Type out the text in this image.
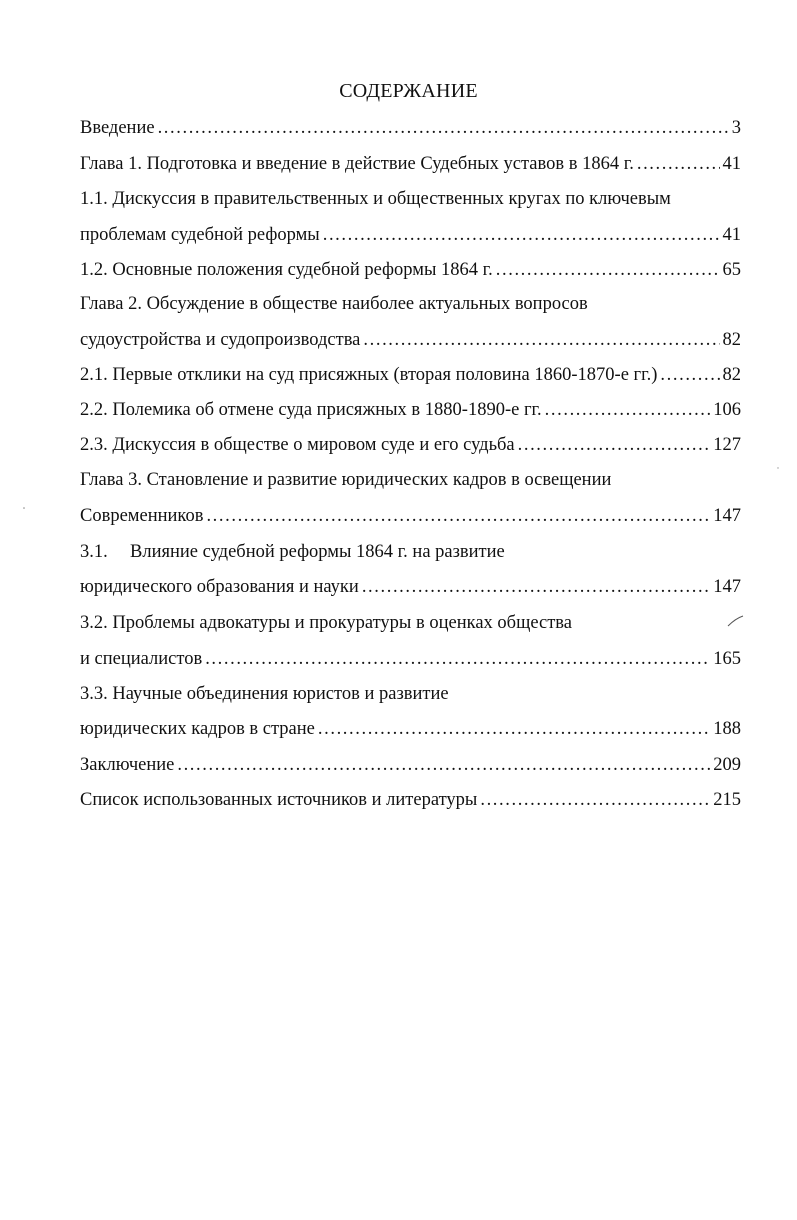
СОДЕРЖАНИЕ
Введение .....	3
Глава 1. Подготовка и введение в действие Судебных уставов в 1864 г. .....	41
1.1. Дискуссия в правительственных и общественных кругах по ключевым
проблемам судебной реформы .....	41
1.2. Основные положения судебной реформы 1864 г. .....	65
Глава 2. Обсуждение в обществе наиболее актуальных вопросов
судоустройства и судопроизводства .....	82
2.1. Первые отклики на суд присяжных (вторая половина 1860-1870-е гг.) .....	82
2.2. Полемика об отмене суда присяжных в 1880-1890-е гг. .....	106
2.3. Дискуссия в обществе о мировом суде и его судьба .....	127
Глава 3. Становление и развитие юридических кадров в освещении
Современников .....	147
3.1. Влияние судебной реформы 1864 г. на развитие
юридического образования и науки .....	147
3.2. Проблемы адвокатуры и прокуратуры в оценках общества
и специалистов .....	165
3.3. Научные объединения юристов и развитие
юридических кадров в стране .....	188
Заключение .....	209
Список использованных источников и литературы .....	215
